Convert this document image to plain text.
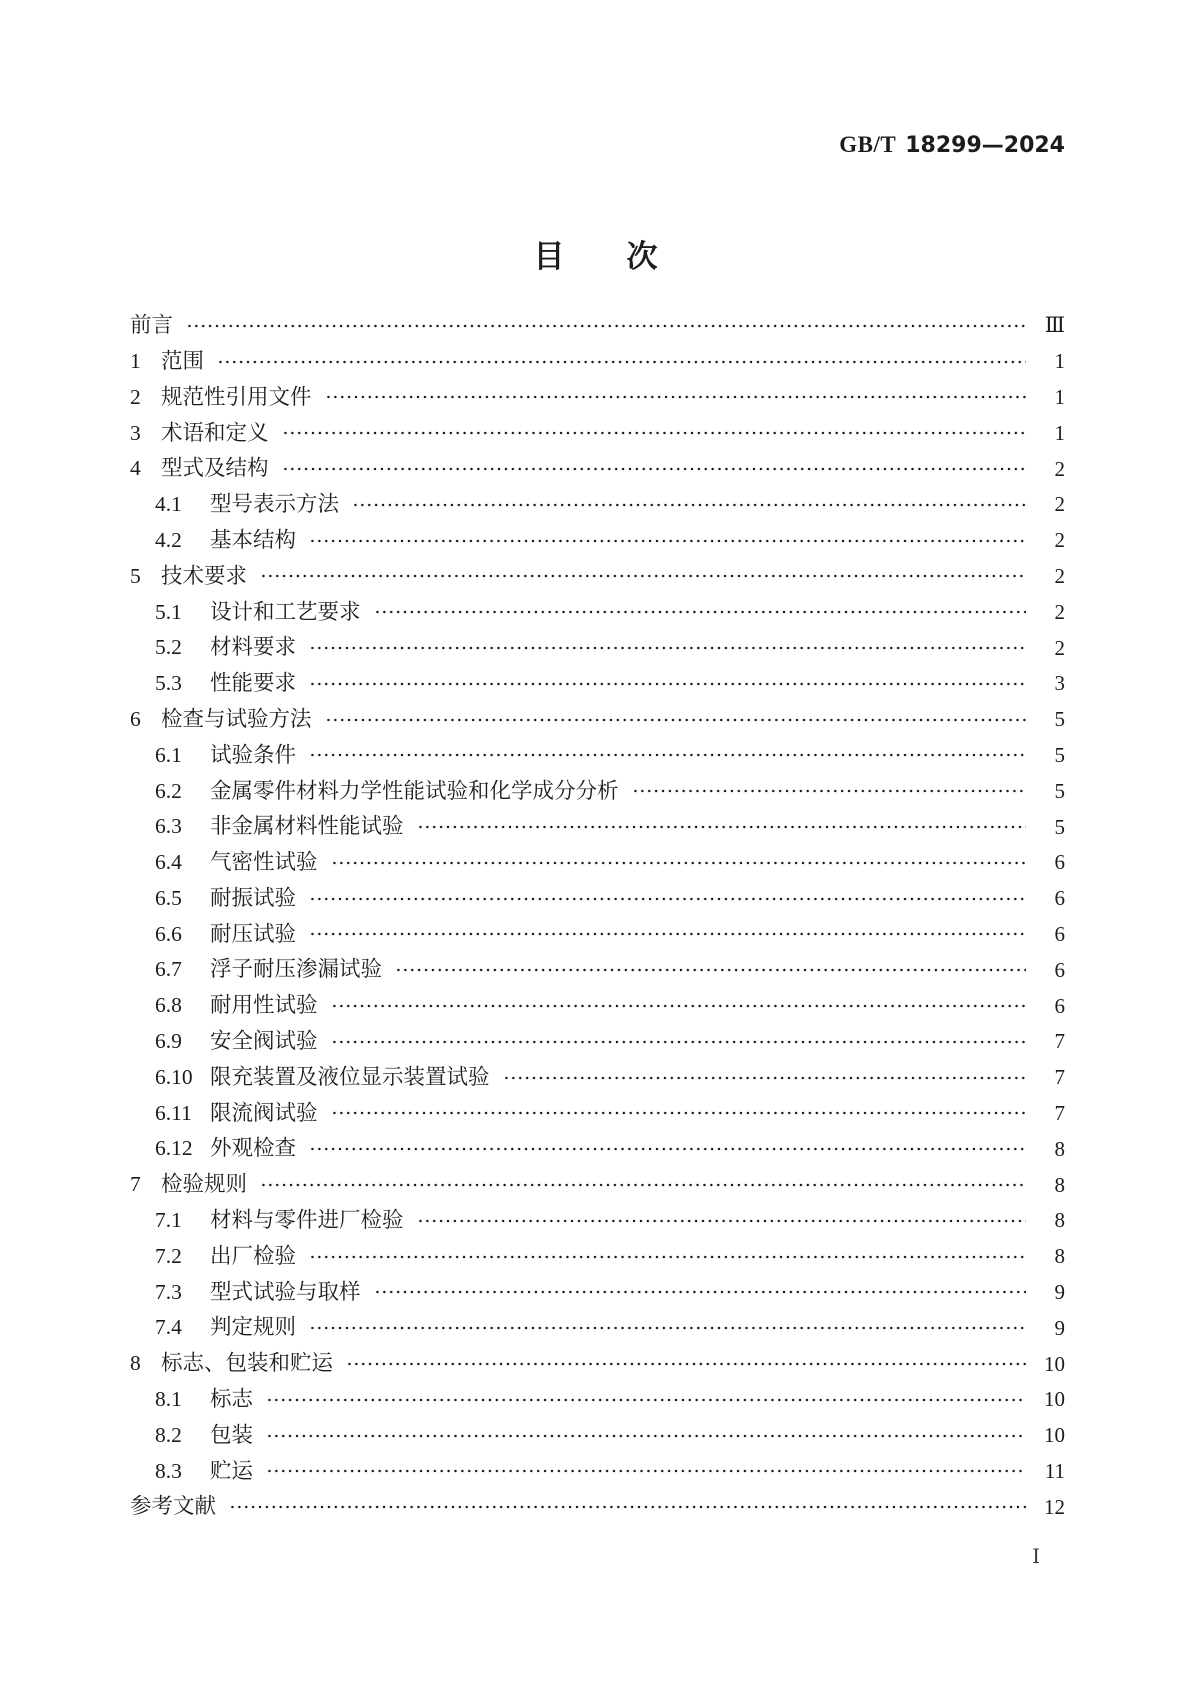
GB/T 18299—2024
目　　次
前言	Ⅲ
1 范围	1
2 规范性引用文件	1
3 术语和定义	1
4 型式及结构	2
4.1	型号表示方法	2
4.2	基本结构	2
5 技术要求	2
5.1	设计和工艺要求	2
5.2	材料要求	2
5.3	性能要求	3
6 检查与试验方法	5
6.1	试验条件	5
6.2	金属零件材料力学性能试验和化学成分分析	5
6.3	非金属材料性能试验	5
6.4	气密性试验	6
6.5	耐振试验	6
6.6	耐压试验	6
6.7	浮子耐压渗漏试验	6
6.8	耐用性试验	6
6.9	安全阀试验	7
6.10 限充装置及液位显示装置试验	7
6.11 限流阀试验	7
6.12 外观检查	8
7 检验规则	8
7.1	材料与零件进厂检验	8
7.2	出厂检验	8
7.3	型式试验与取样	9
7.4	判定规则	9
8 标志、包装和贮运	10
8.1	标志	10
8.2	包装	10
8.3	贮运	11
参考文献	12
Ⅰ
